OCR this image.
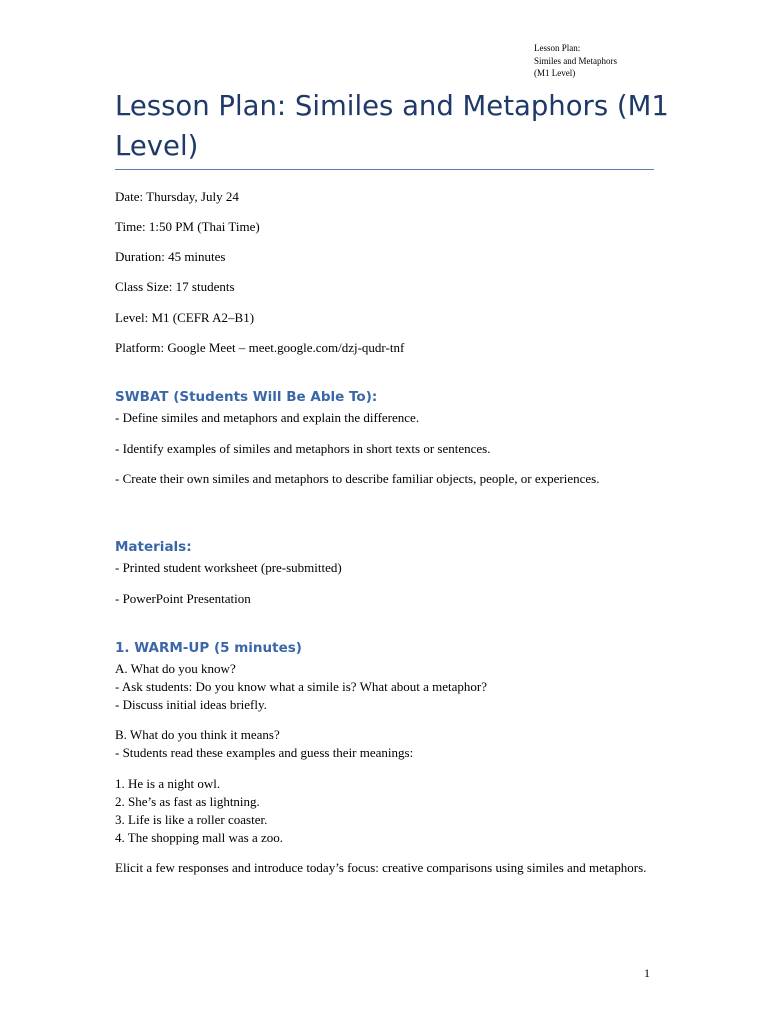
Lesson Plan:
Similes and Metaphors
(M1 Level)
Lesson Plan: Similes and Metaphors (M1 Level)

Date: Thursday, July 24

Time: 1:50 PM (Thai Time)

Duration: 45 minutes

Class Size: 17 students

Level: M1 (CEFR A2–B1)

Platform: Google Meet – meet.google.com/dzj-qudr-tnf

SWBAT (Students Will Be Able To):

- Define similes and metaphors and explain the difference.

- Identify examples of similes and metaphors in short texts or sentences.

- Create their own similes and metaphors to describe familiar objects, people, or experiences.

Materials:

- Printed student worksheet (pre-submitted)

- PowerPoint Presentation

1. WARM-UP (5 minutes)

A. What do you know?

- Ask students: Do you know what a simile is? What about a metaphor?

- Discuss initial ideas briefly.

B. What do you think it means?

- Students read these examples and guess their meanings:

1. He is a night owl.

2. She’s as fast as lightning.

3. Life is like a roller coaster.

4. The shopping mall was a zoo.

Elicit a few responses and introduce today’s focus: creative comparisons using similes and metaphors.

1
